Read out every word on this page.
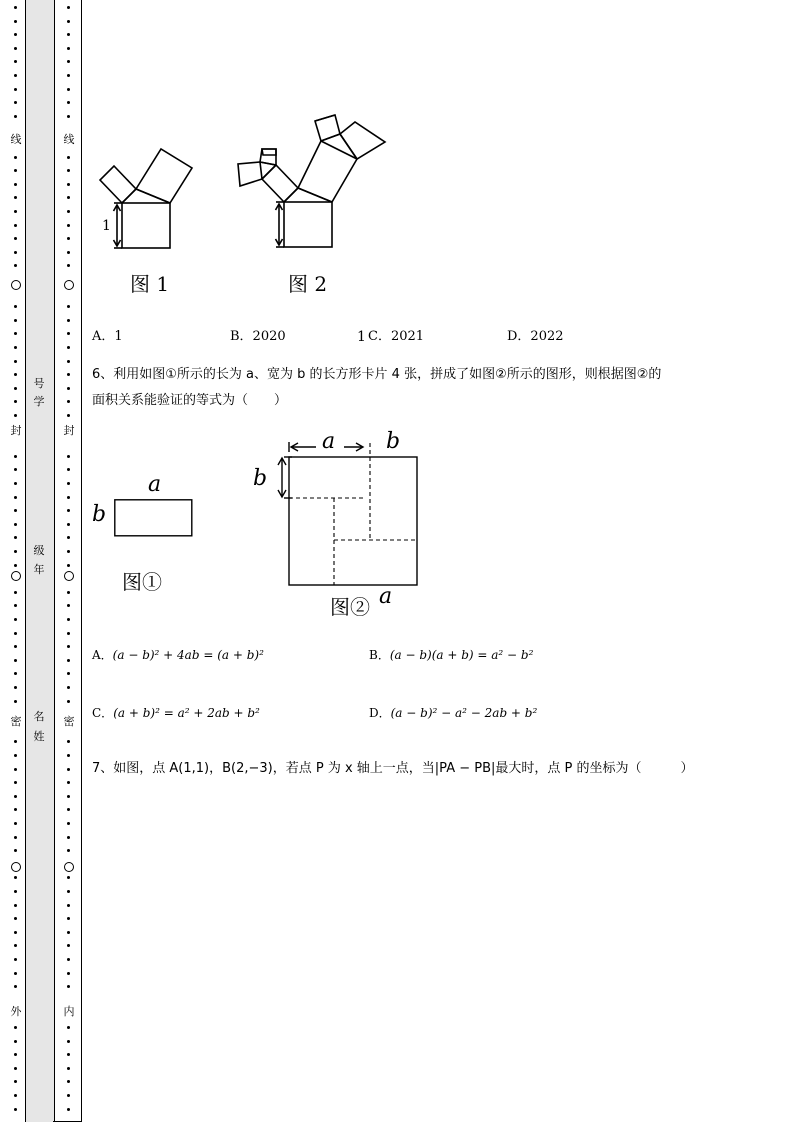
线
封
密
外
号
学
级
年
名
姓
线
封
密
内
1
图 1
1
图 2
A．1	B．2020	C．2021	D．2022
6、利用如图①所示的长为 a、宽为 b 的长方形卡片 4 张，拼成了如图②所示的图形，则根据图②的
面积关系能验证的等式为（　　）
a
b
图①
a b
b
图② a
A．(a − b)² + 4ab = (a + b)²	B．(a − b)(a + b) = a² − b²
C．(a + b)² = a² + 2ab + b²	D．(a − b)² − a² − 2ab + b²
7、如图，点 A(1,1)，B(2,−3)，若点 P 为 x 轴上一点，当|PA − PB|最大时，点 P 的坐标为（　　　）
